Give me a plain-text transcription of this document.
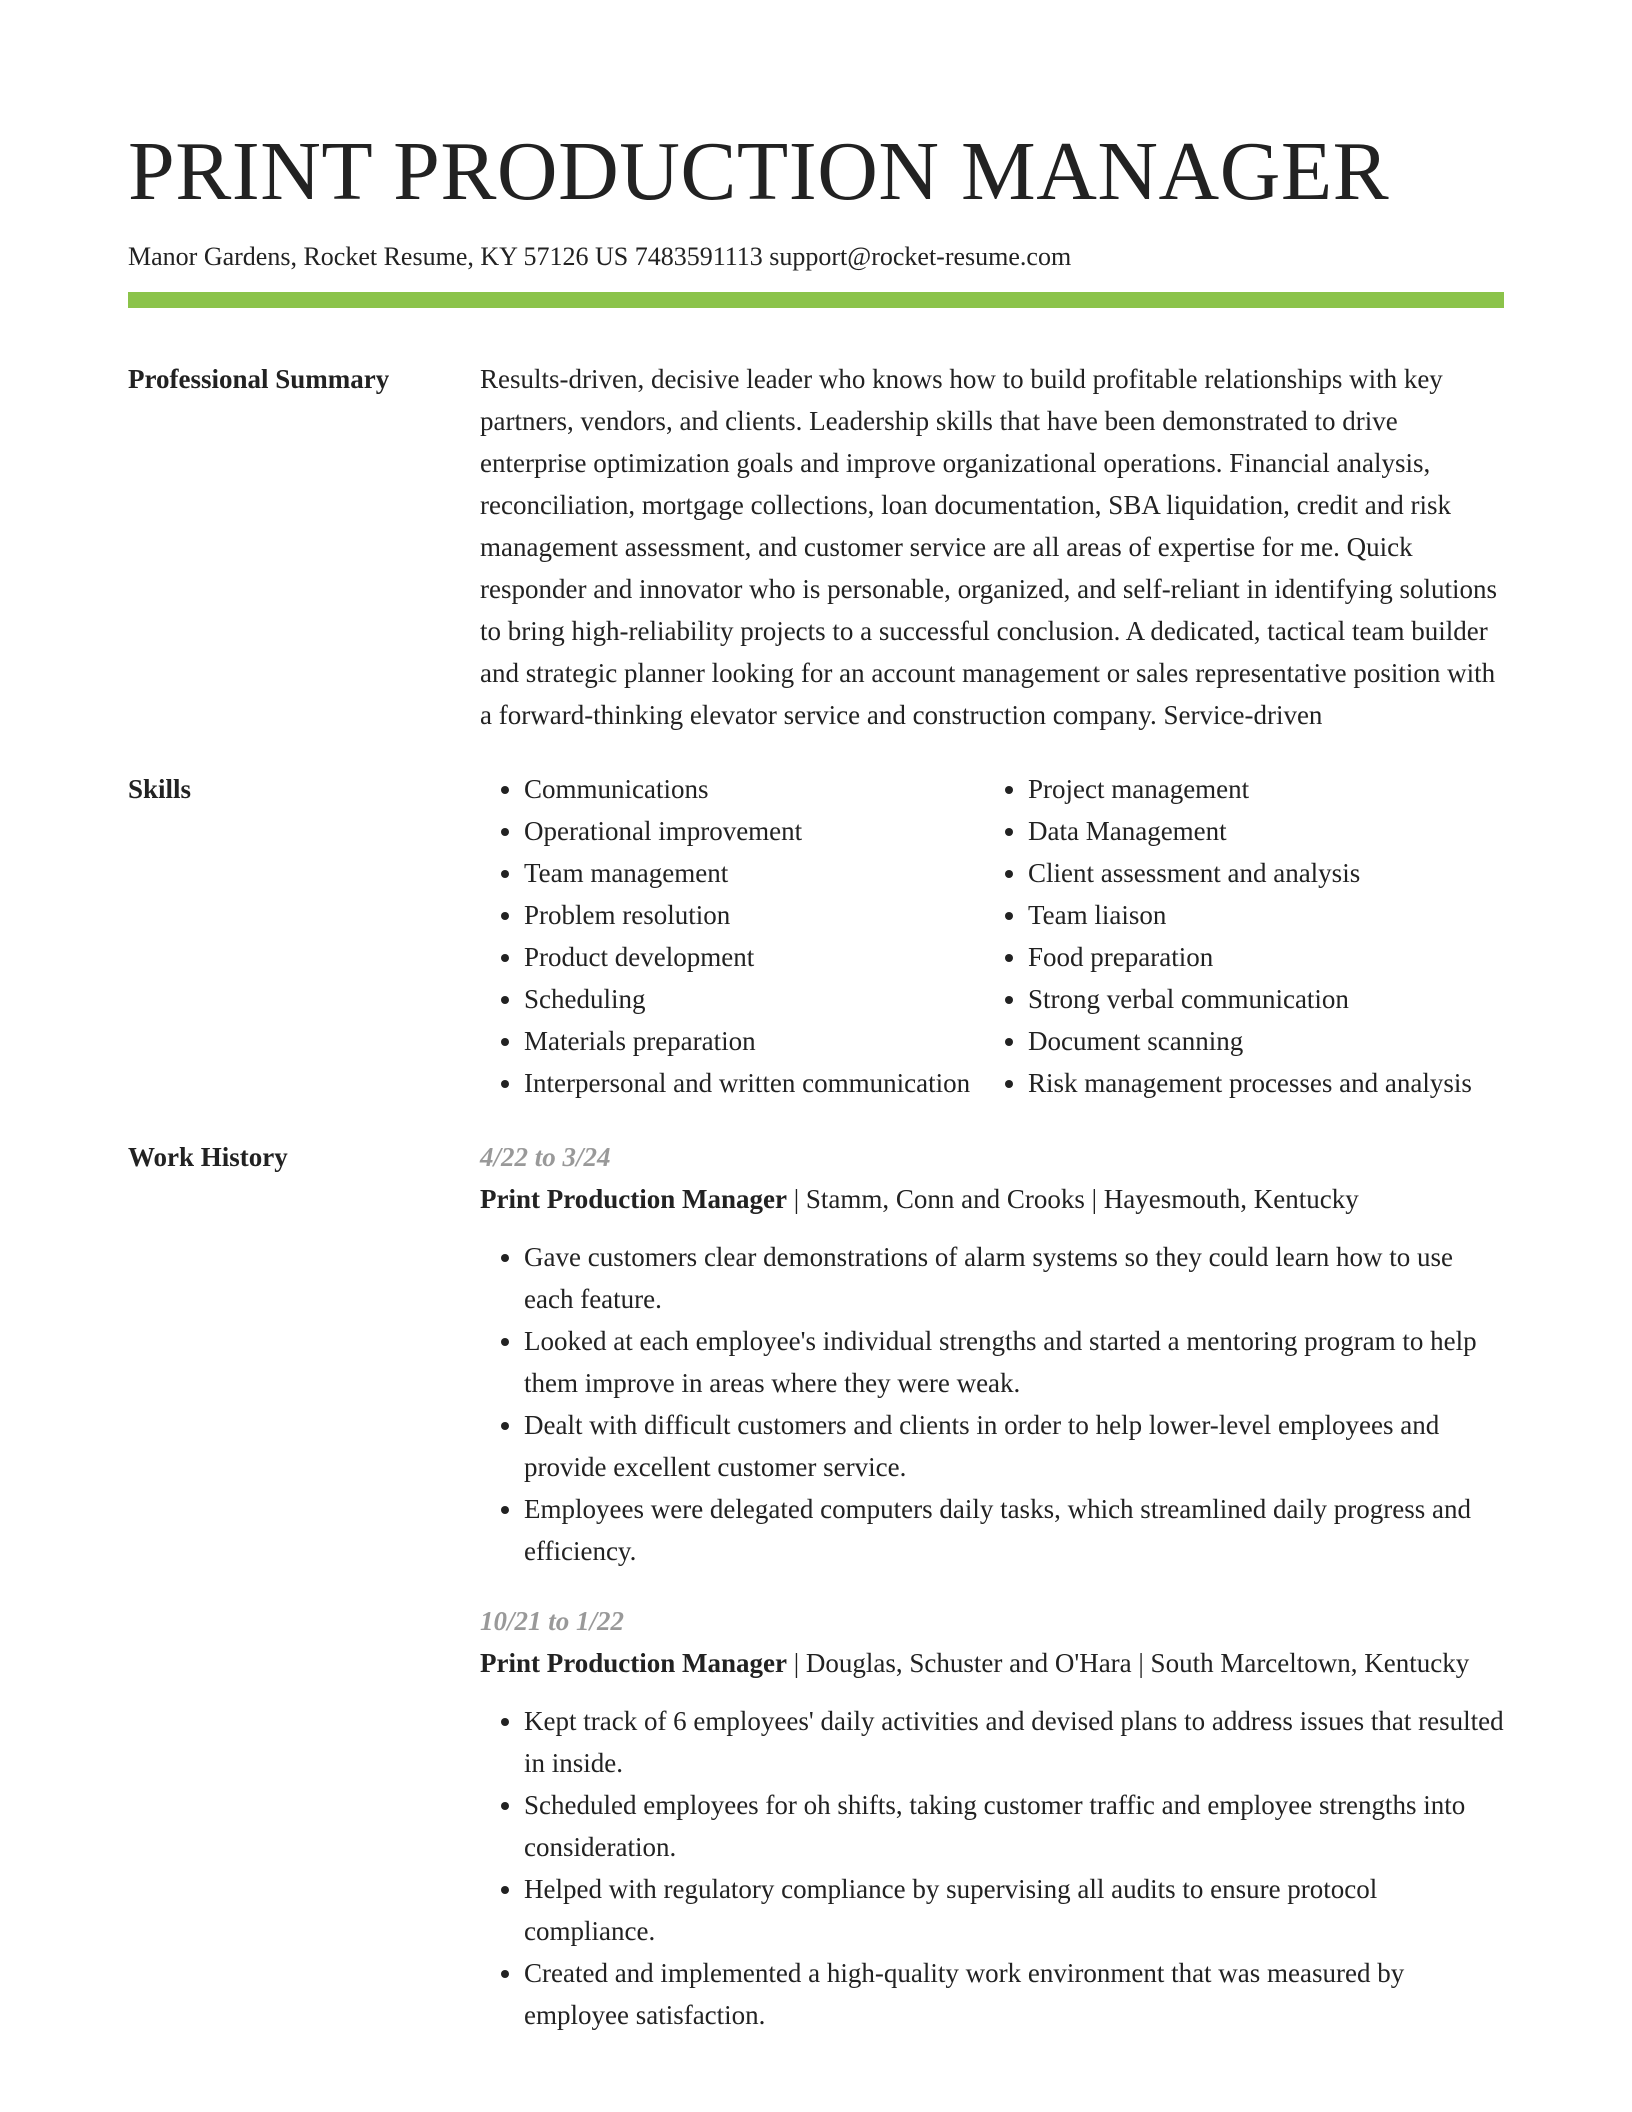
PRINT PRODUCTION MANAGER
Manor Gardens, Rocket Resume, KY 57126 US 7483591113 support@rocket-resume.com
Professional Summary	Results-driven, decisive leader who knows how to build profitable relationships with key partners, vendors, and clients. Leadership skills that have been demonstrated to drive enterprise optimization goals and improve organizational operations. Financial analysis, reconciliation, mortgage collections, loan documentation, SBA liquidation, credit and risk management assessment, and customer service are all areas of expertise for me. Quick responder and innovator who is personable, organized, and self-reliant in identifying solutions to bring high-reliability projects to a successful conclusion. A dedicated, tactical team builder and strategic planner looking for an account management or sales representative position with a forward-thinking elevator service and construction company. Service-driven

Skills
•	Communications
• Operational improvement
• Team management
• Problem resolution
• Product development
• Scheduling
• Materials preparation
• Interpersonal and written communication
• Project management
• Data Management
• Client assessment and analysis
• Team liaison
• Food preparation
• Strong verbal communication
• Document scanning
• Risk management processes and analysis
Work History	4/22 to 3/24

Print Production Manager | Stamm, Conn and Crooks | Hayesmouth, Kentucky

• Gave customers clear demonstrations of alarm systems so they could learn how to use each feature.
• Looked at each employee's individual strengths and started a mentoring program to help them improve in areas where they were weak.
• Dealt with difficult customers and clients in order to help lower-level employees and provide excellent customer service.
• Employees were delegated computers daily tasks, which streamlined daily progress and efficiency.
10/21 to 1/22

Print Production Manager | Douglas, Schuster and O'Hara | South Marceltown, Kentucky

• Kept track of 6 employees' daily activities and devised plans to address issues that resulted in inside.
• Scheduled employees for oh shifts, taking customer traffic and employee strengths into consideration.
• Helped with regulatory compliance by supervising all audits to ensure protocol compliance.
• Created and implemented a high-quality work environment that was measured by employee satisfaction.
